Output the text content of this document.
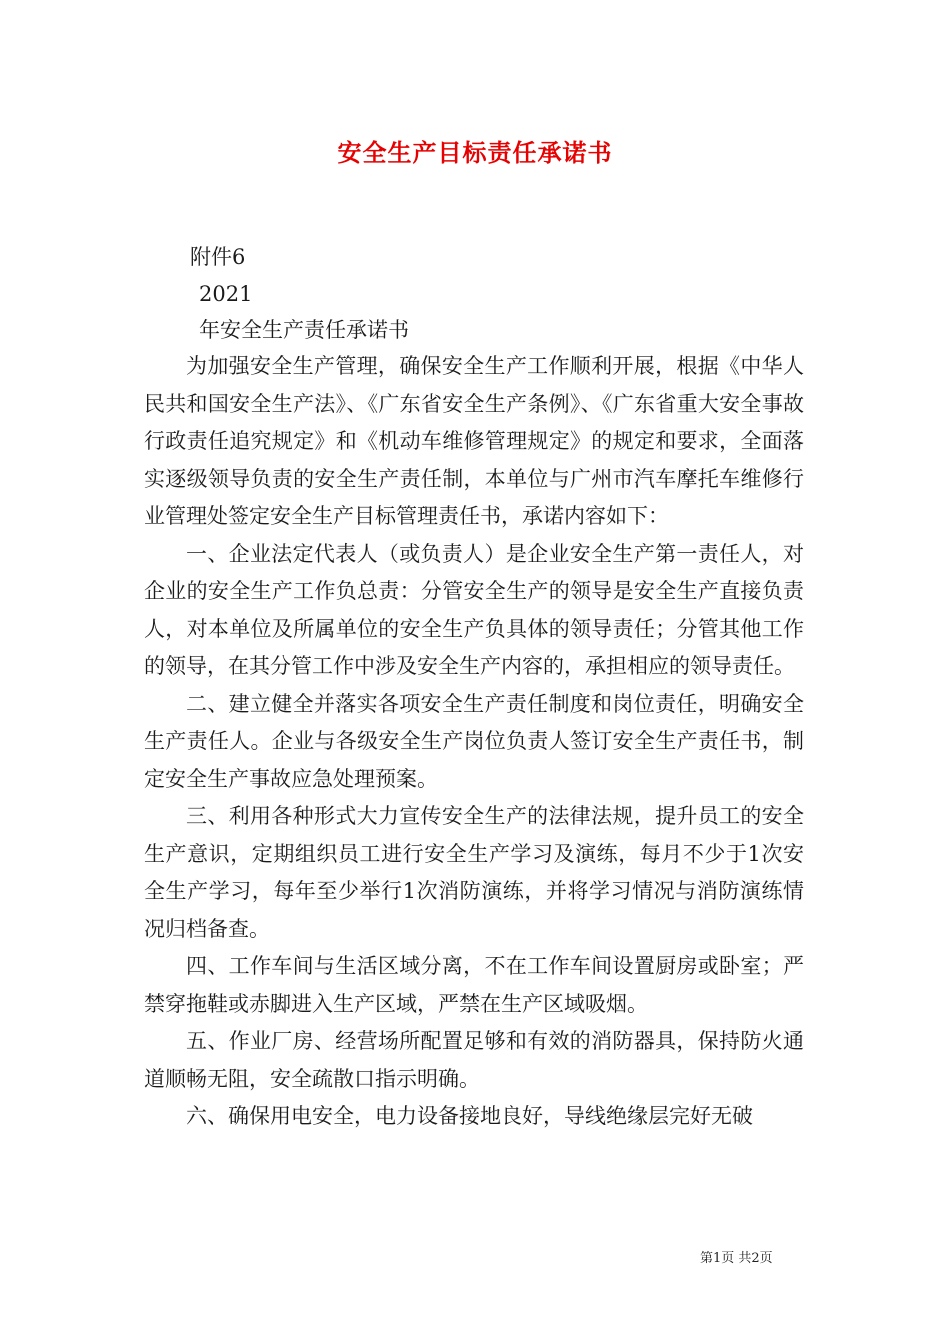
安全生产目标责任承诺书
附件6
2021
年安全生产责任承诺书

为加强安全生产管理，确保安全生产工作顺利开展，根据《中华人民共和国安全生产法》、《广东省安全生产条例》、《广东省重大安全事故行政责任追究规定》和《机动车维修管理规定》的规定和要求，全面落实逐级领导负责的安全生产责任制，本单位与广州市汽车摩托车维修行业管理处签定安全生产目标管理责任书，承诺内容如下：

一、企业法定代表人（或负责人）是企业安全生产第一责任人，对企业的安全生产工作负总责：分管安全生产的领导是安全生产直接负责人，对本单位及所属单位的安全生产负具体的领导责任；分管其他工作的领导，在其分管工作中涉及安全生产内容的，承担相应的领导责任。

二、建立健全并落实各项安全生产责任制度和岗位责任，明确安全生产责任人。企业与各级安全生产岗位负责人签订安全生产责任书，制定安全生产事故应急处理预案。

三、利用各种形式大力宣传安全生产的法律法规，提升员工的安全生产意识，定期组织员工进行安全生产学习及演练，每月不少于1次安全生产学习，每年至少举行1次消防演练，并将学习情况与消防演练情况归档备查。

四、工作车间与生活区域分离，不在工作车间设置厨房或卧室；严禁穿拖鞋或赤脚进入生产区域，严禁在生产区域吸烟。

五、作业厂房、经营场所配置足够和有效的消防器具，保持防火通道顺畅无阻，安全疏散口指示明确。

六、确保用电安全，电力设备接地良好，导线绝缘层完好无破

第1页 共2页
